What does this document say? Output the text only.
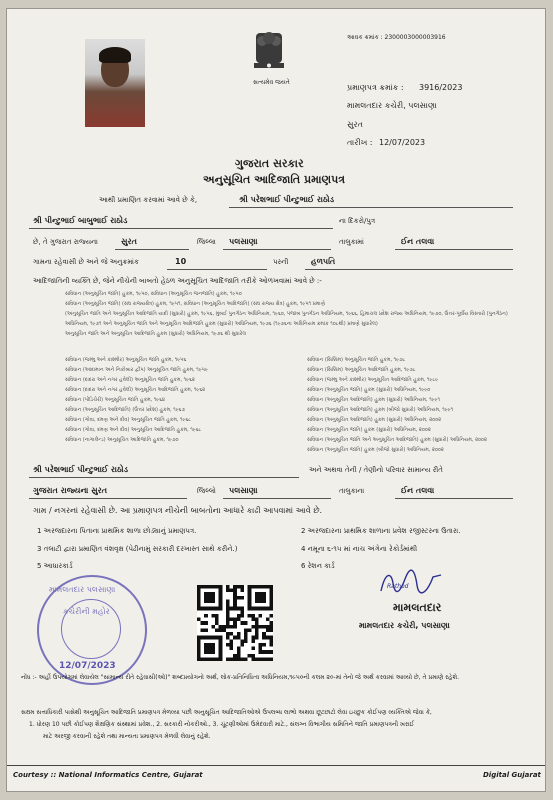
આવક ક્રમાંક : 2300003000003916
સત્યમેવ જયતે
પ્રમાણપત્ર ક્રમાંક : 3916/2023
મામલતદાર કચેરી, પલસાણા
સુરત
તારીખ : 12/07/2023
ગુજરાત સરકાર
અનુસૂચિત આદિજાતિ પ્રમાણપત્ર
આથી પ્રમાણિત કરવામાં આવે છે કે,	શ્રી પરેશભાઈ પીન્ટુભાઈ રાઠોડ
શ્રી પીન્ટુભાઈ બાબુભાઈ રાઠોડ	ના દિકરો/પુત્ર
છે, તે ગુજરાત રાજ્યના	સુરત	જિલ્લા પલસાણા	તાલુકામાં	ઈન તલવા
ગામના રહેવાસી છે અને જે અનુક્રમાંક	10	પરની	હળપતિ
આદિજાતિની વ્યક્તિ છે, જેને નીચેની બાબતો હેઠળ અનુસૂચિત આદિજાતિ તરીકે ઓળખવામાં આવે છે :-
સંવિધાન (અનુસૂચિત જાતિ) હુકમ, ૧૯૫૦, સંવિધાન (અનુસૂચિત જનજાતિ) હુકમ, ૧૯૫૦
સંવિધાન (અનુસૂચિત જાતિ) (સંઘ રાજ્યક્ષેત્ર) હુકમ, ૧૯૫૧, સંવિધાન (અનુસૂચિત આદિજાતિ) (સંઘ રાજ્ય ક્ષેત્ર) હુકમ, ૧૯૫૧ પ્રમાણે
(અનુસૂચિત જાતિ અને અનુસૂચિત આદિજાતિ યાદી (સુધારો) હુકમ, ૧૯૫૬, મુંબઈ પુનર્ગઠન અધિનિયમ, ૧૯૬૦, પંજાબ પુનર્ગઠન અધિનિયમ, ૧૯૬૬, હિમાચલ પ્રદેશ રાજ્ય અધિનિયમ, ૧૯૭૦, ઉત્તર-પૂર્વીય વિસ્તારો (પુનર્ગઠન)
અધિનિયમ, ૧૯૭૧ અને અનુસૂચિત જાતિ અને અનુસૂચિત આદિજાતિ હુકમ (સુધારો) અધિનિયમ, ૧૯૭૬ (૧૯૭૬ના અધિનિયમ ક્રમાંક ૧૦૮થી) પ્રમાણે સુધારેલ)
અનુસૂચિત જાતિ અને અનુસૂચિત આદિજાતિ હુકમ (સુધારો) અધિનિયમ, ૧૯૭૬ થી સુધારેલ
સંવિધાન (જમ્મુ અને કાશ્મીર) અનુસૂચિત જાતિ હુકમ, ૧૯૫૬
સંવિધાન (આંદામાન અને નિકોબાર દ્વીપ) અનુસૂચિત જાતિ હુકમ, ૧૯૫૯
સંવિધાન (દાદરા અને નગર હવેલી) અનુસૂચિત જાતિ હુકમ, ૧૯૬૨
સંવિધાન (દાદરા અને નગર હવેલી) અનુસૂચિત આદિજાતિ હુકમ, ૧૯૬૨
સંવિધાન (પોંડિચેરી) અનુસૂચિત જાતિ હુકમ, ૧૯૬૪
સંવિધાન (અનુસૂચિત આદિજાતિ) (ઉત્તર પ્રદેશ) હુકમ, ૧૯૬૭
સંવિધાન (ગોવા, દમણ અને દીવ) અનુસૂચિત જાતિ હુકમ, ૧૯૬૮
સંવિધાન (ગોવા, દમણ અને દીવ) અનુસૂચિત આદિજાતિ હુકમ, ૧૯૬૮
સંવિધાન (નાગાલેન્ડ) અનુસૂચિત આદિજાતિ હુકમ, ૧૯૭૦
સંવિધાન (સિક્કિમ) અનુસૂચિત જાતિ હુકમ, ૧૯૭૮
સંવિધાન (સિક્કિમ) અનુસૂચિત આદિજાતિ હુકમ, ૧૯૭૮
સંવિધાન (જમ્મુ અને કાશ્મીર) અનુસૂચિત આદિજાતિ હુકમ, ૧૯૮૯
સંવિધાન (અનુસૂચિત જાતિ) હુકમ (સુધારો) અધિનિયમ, ૧૯૯૦
સંવિધાન (અનુસૂચિત આદિજાતિ) હુકમ (સુધારો) અધિનિયમ, ૧૯૯૧
સંવિધાન (અનુસૂચિત આદિજાતિ) હુકમ (બીજો સુધારો) અધિનિયમ, ૧૯૯૧
સંવિધાન (અનુસૂચિત આદિજાતિ) હુકમ (સુધારો) અધિનિયમ, ૨૦૦૨
સંવિધાન (અનુસૂચિત જાતિ) હુકમ (સુધારો) અધિનિયમ, ૨૦૦૨
સંવિધાન (અનુસૂચિત જાતિ અને અનુસૂચિત આદિજાતિ) હુકમ (સુધારો) અધિનિયમ, ૨૦૦૨
સંવિધાન (અનુસૂચિત જાતિ) હુકમ (બીજો સુધારો) અધિનિયમ, ૨૦૦૨
શ્રી પરેશભાઈ પીન્ટુભાઈ રાઠોડ	અને અથવા તેની / તેણીનો પરિવાર સામાન્ય રીતે
ગુજરાત રાજ્યના સુરત	જિલ્લો પલસાણા	તાલુકાના	ઈન તલવા
ગામ / નગરનાં રહેવાસી છે. આ પ્રમાણપત્ર નીચેની બાબતોના આધારે કાઢી આપવામાં આવે છે.
1 અરજદારના પિતાના પ્રાથમિક શાળા છોડ્યાનું પ્રમાણપત્ર.	2 અરજદારના પ્રાથમિક શાળાના પ્રવેશ રજીસ્ટરના ઉતારા.
3 તલાટી દ્વારા પ્રમાણિત વંશવૃક્ષ (પેઢીનામું સરકારી દરખાસ્ત સાથે કરીને.)	4 નમૂના ૬-૧૫ માં નાચ અંગેના રેકોર્ડમાંથી
5 આધારકાર્ડ	6 રેશન કાર્ડ
મામલતદાર પલસાણા
કચેરીની મહોર
12/07/2023
Rathod
મામલતદાર
મામલતદાર કચેરી, પલસાણા
નોંધ :- અહીં ઉપયોગમાં લેવાયેલ "સામાન્ય રીતે રહેવાસી(ઓ)" શબ્દપ્રયોગનો અર્થ, લોક-પ્રતિનિધિત્વ અધિનિયમ,૧૯૫૦ની કલમ ૨૦-માં તેનો જે અર્થ કરવામાં આવ્યો છે, તે પ્રમાણે રહેશે.
સક્ષમ સત્તાધિકારી પાસેથી અનુસૂચિત આદિજાતિ પ્રમાણપત્ર મેળવ્યા પછી અનુસૂચિત આદિજાતિઓએ ઉપલબ્ધ લાભો અથવા છૂટછાટો લેવા ઇચ્છુક કોઈપણ વ્યક્તિએ જેવા કે,
1. ધોરણ 10 પછી કોઈપણ શૈક્ષણિક સંસ્થામાં પ્રવેશ., 2. સરકારી નોકરીઓ., 3. ચૂંટણીઓમાં ઉમેદવારી માટે., સંલગ્ન વિભાગીય સમિતિને જાતિ પ્રમાણપત્રની ખરાઈ
માટે અરજી કરવાની રહેશે તથા માન્યતા પ્રમાણપત્ર મેળવી લેવાનું રહેશે.
Courtesy :: National Informatics Centre, Gujarat	Digital Gujarat
